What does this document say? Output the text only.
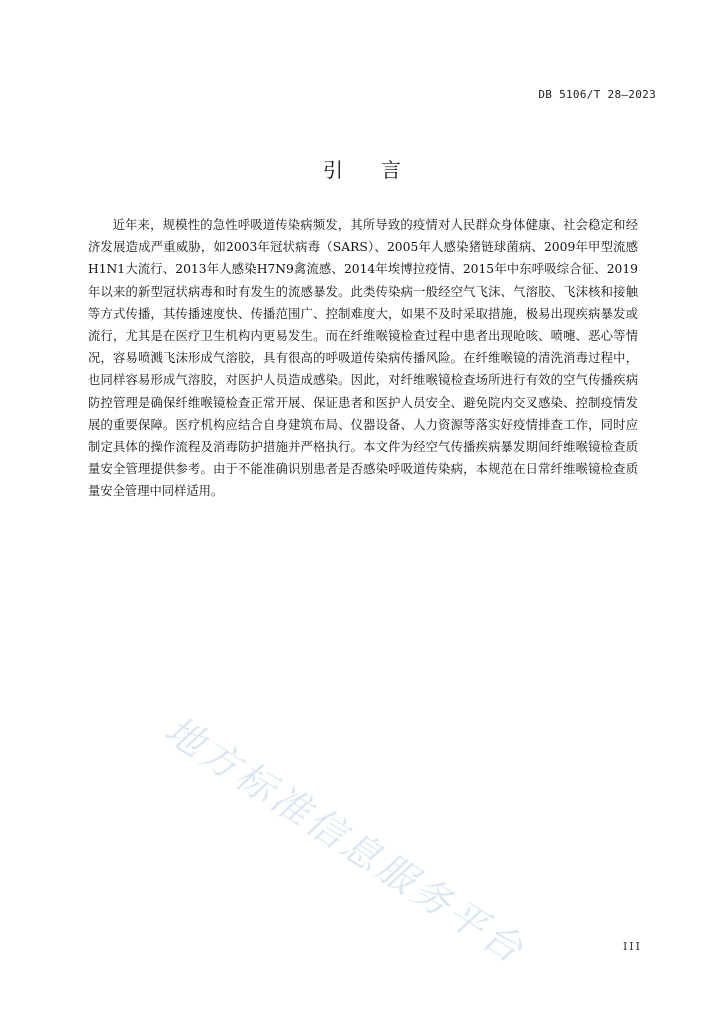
DB 5106/T 28—2023
引言

近年来，规模性的急性呼吸道传染病频发，其所导致的疫情对人民群众身体健康、社会稳定和经济发展造成严重威胁，如2003年冠状病毒（SARS）、2005年人感染猪链球菌病、2009年甲型流感H1N1大流行、2013年人感染H7N9禽流感、2014年埃博拉疫情、2015年中东呼吸综合征、2019年以来的新型冠状病毒和时有发生的流感暴发。此类传染病一般经空气飞沫、气溶胶、飞沫核和接触等方式传播，其传播速度快、传播范围广、控制难度大，如果不及时采取措施，极易出现疾病暴发或流行，尤其是在医疗卫生机构内更易发生。而在纤维喉镜检查过程中患者出现呛咳、喷嚏、恶心等情况，容易喷溅飞沫形成气溶胶，具有很高的呼吸道传染病传播风险。在纤维喉镜的清洗消毒过程中，也同样容易形成气溶胶，对医护人员造成感染。因此，对纤维喉镜检查场所进行有效的空气传播疾病防控管理是确保纤维喉镜检查正常开展、保证患者和医护人员安全、避免院内交叉感染、控制疫情发展的重要保障。医疗机构应结合自身建筑布局、仪器设备、人力资源等落实好疫情排查工作，同时应制定具体的操作流程及消毒防护措施并严格执行。本文件为经空气传播疾病暴发期间纤维喉镜检查质量安全管理提供参考。由于不能准确识别患者是否感染呼吸道传染病，本规范在日常纤维喉镜检查质量安全管理中同样适用。

地方标准信息服务平台	III
